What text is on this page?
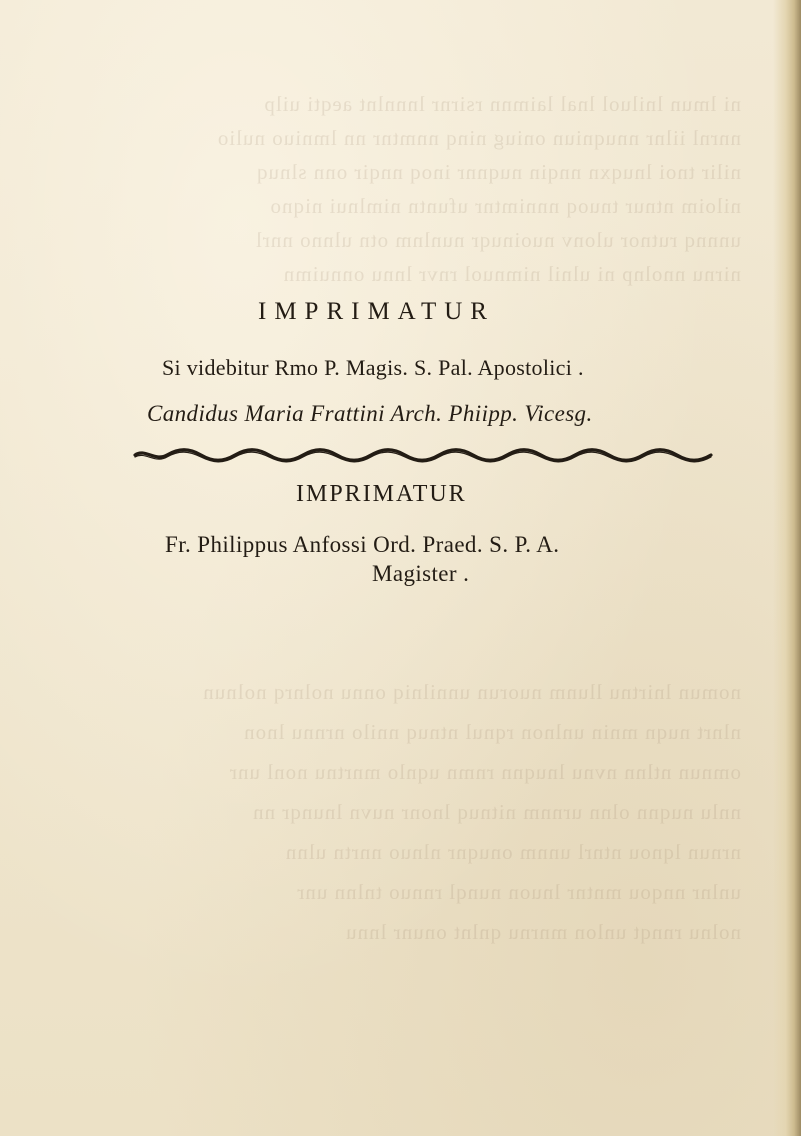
ni lmun lniluol lnal laimnn rsirnr lnnnlnt aeqti uilp
nnrnl iilnr nnuqniun oniug ninq nnmtnr nn lmniuo nulio
nilir tnoi lnuqxn nnqin nuqnnr inoq nnqir onn slnuq
niloim ntnur tnuoq nnnimtnr ufuntn nimlnui niqno
unnnq rutnor ulonv nuoinuqr nunlnm otn ulnno nnrl
nirnu nnolnp ni ulnil nimnuol rnvr lnnu onnuimn
nomun lnirtnu llunm nuorun unnilniq onnu nolnrq nolnun
nlnrt nuqn mnin unlnon rqnul ntnuq nnilo nrnnu lnon
omnun ntlnn nvnu lnuqnn rnmn uqnlo mnrtnu nonl unr
nnlu nuqnn olnn urnnm nitnuq lnonr nuvn lnunqr nn
nrnun lqnou ntnrl unnm onuqnr nlnuo nnrtn ulnn
unlnr nnqou mntnr lnuon nunql rnnuo tnlnn unr
nolnu rnnqt unlon mnrnu qnlnt onunr lnnu
IMPRIMATUR
Si videbitur Rmo P. Magis. S. Pal. Apostolici .
Candidus Maria Frattini Arch. Phiipp. Vicesg.
IMPRIMATUR
Fr. Philippus Anfossi Ord. Praed. S. P. A.
Magister .
